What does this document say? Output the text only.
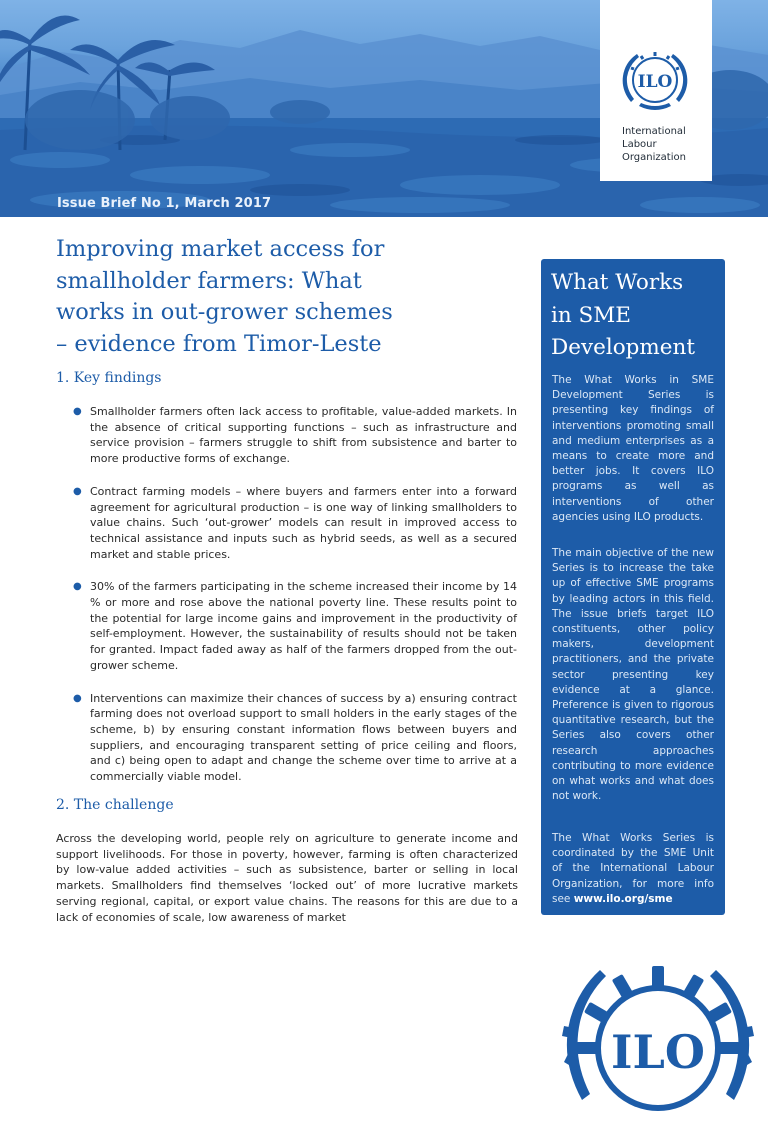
Issue Brief No 1, March 2017
ILO
International
Labour
Organization
Improving market access for
smallholder farmers: What
works in out-grower schemes
– evidence from Timor-Leste
1. Key findings
● Smallholder farmers often lack access to profitable, value-added markets. In the absence of critical supporting functions – such as infrastructure and service provision – farmers struggle to shift from subsistence and barter to more productive forms of exchange.
● Contract farming models – where buyers and farmers enter into a forward agreement for agricultural production – is one way of linking smallholders to value chains. Such ‘out-grower’ models can result in improved access to technical assistance and inputs such as hybrid seeds, as well as a secured market and stable prices.
● 30% of the farmers participating in the scheme increased their income by 14 % or more and rose above the national poverty line. These results point to the potential for large income gains and improvement in the productivity of self-employment. However, the sustainability of results should not be taken for granted. Impact faded away as half of the farmers dropped from the out-grower scheme.
● Interventions can maximize their chances of success by a) ensuring contract farming does not overload support to small holders in the early stages of the scheme, b) by ensuring constant information flows between buyers and suppliers, and encouraging transparent setting of price ceiling and floors, and c) being open to adapt and change the scheme over time to arrive at a commercially viable model.
2. The challenge

Across the developing world, people rely on agriculture to generate income and support livelihoods. For those in poverty, however, farming is often characterized by low-value added activities – such as subsistence, barter or selling in local markets. Smallholders find themselves ‘locked out’ of more lucrative markets serving regional, capital, or export value chains. The reasons for this are due to a lack of economies of scale, low awareness of market

What Works
in SME
Development

The What Works in SME Development Series is presenting key findings of interventions promoting small and medium enterprises as a means to create more and better jobs. It covers ILO programs as well as interventions of other agencies using ILO products.

The main objective of the new Series is to increase the take up of effective SME programs by leading actors in this field. The issue briefs target ILO constituents, other policy makers, development practitioners, and the private sector presenting key evidence at a glance. Preference is given to rigorous quantitative research, but the Series also covers other research approaches contributing to more evidence on what works and what does not work.

The What Works Series is coordinated by the SME Unit of the International Labour Organization, for more info see www.ilo.org/sme

ILO
